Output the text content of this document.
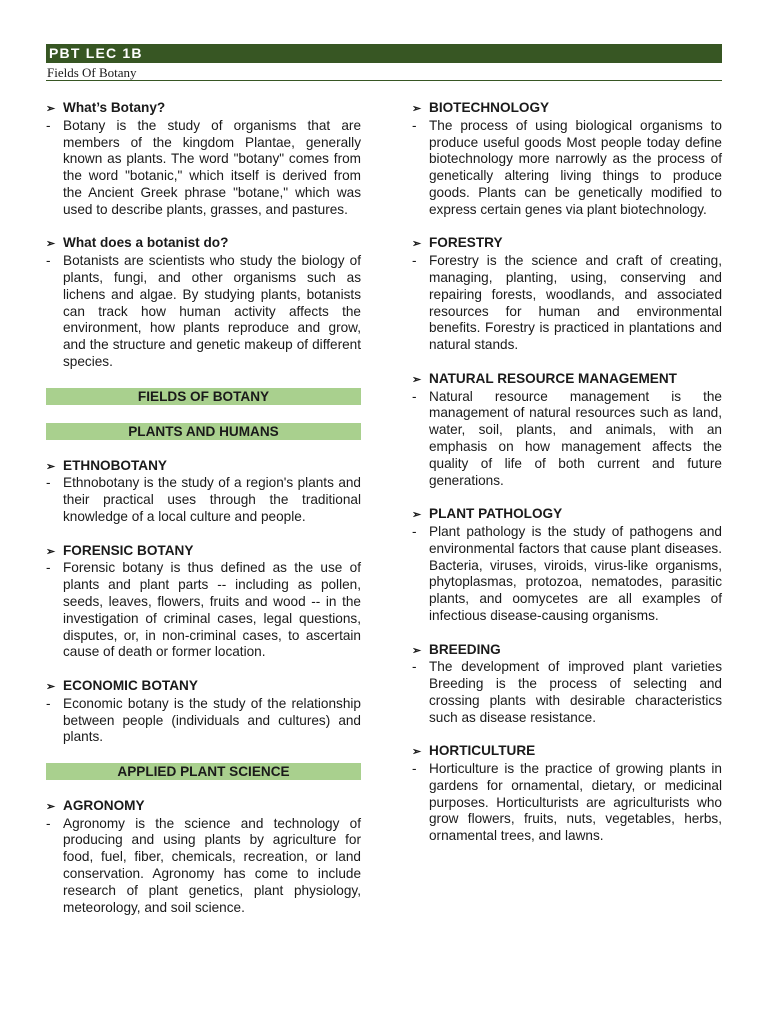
PBT LEC 1B
Fields Of Botany
➢ What’s Botany?
- Botany is the study of organisms that are members of the kingdom Plantae, generally known as plants. The word "botany" comes from the word "botanic," which itself is derived from the Ancient Greek phrase "botane," which was used to describe plants, grasses, and pastures.
➢ What does a botanist do?
- Botanists are scientists who study the biology of plants, fungi, and other organisms such as lichens and algae. By studying plants, botanists can track how human activity affects the environment, how plants reproduce and grow, and the structure and genetic makeup of different species.
FIELDS OF BOTANY
PLANTS AND HUMANS
➢ ETHNOBOTANY
- Ethnobotany is the study of a region's plants and their practical uses through the traditional knowledge of a local culture and people.
➢ FORENSIC BOTANY
- Forensic botany is thus defined as the use of plants and plant parts -- including as pollen, seeds, leaves, flowers, fruits and wood -- in the investigation of criminal cases, legal questions, disputes, or, in non-criminal cases, to ascertain cause of death or former location.
➢ ECONOMIC BOTANY
- Economic botany is the study of the relationship between people (individuals and cultures) and plants.
APPLIED PLANT SCIENCE
➢ AGRONOMY
- Agronomy is the science and technology of producing and using plants by agriculture for food, fuel, fiber, chemicals, recreation, or land conservation. Agronomy has come to include research of plant genetics, plant physiology, meteorology, and soil science.
➢ BIOTECHNOLOGY
- The process of using biological organisms to produce useful goods Most people today define biotechnology more narrowly as the process of genetically altering living things to produce goods. Plants can be genetically modified to express certain genes via plant biotechnology.
➢ FORESTRY
- Forestry is the science and craft of creating, managing, planting, using, conserving and repairing forests, woodlands, and associated resources for human and environmental benefits. Forestry is practiced in plantations and natural stands.
➢ NATURAL RESOURCE MANAGEMENT
- Natural resource management is the management of natural resources such as land, water, soil, plants, and animals, with an emphasis on how management affects the quality of life of both current and future generations.
➢ PLANT PATHOLOGY
- Plant pathology is the study of pathogens and environmental factors that cause plant diseases. Bacteria, viruses, viroids, virus-like organisms, phytoplasmas, protozoa, nematodes, parasitic plants, and oomycetes are all examples of infectious disease-causing organisms.
➢ BREEDING
- The development of improved plant varieties Breeding is the process of selecting and crossing plants with desirable characteristics such as disease resistance.
➢ HORTICULTURE
- Horticulture is the practice of growing plants in gardens for ornamental, dietary, or medicinal purposes. Horticulturists are agriculturists who grow flowers, fruits, nuts, vegetables, herbs, ornamental trees, and lawns.
